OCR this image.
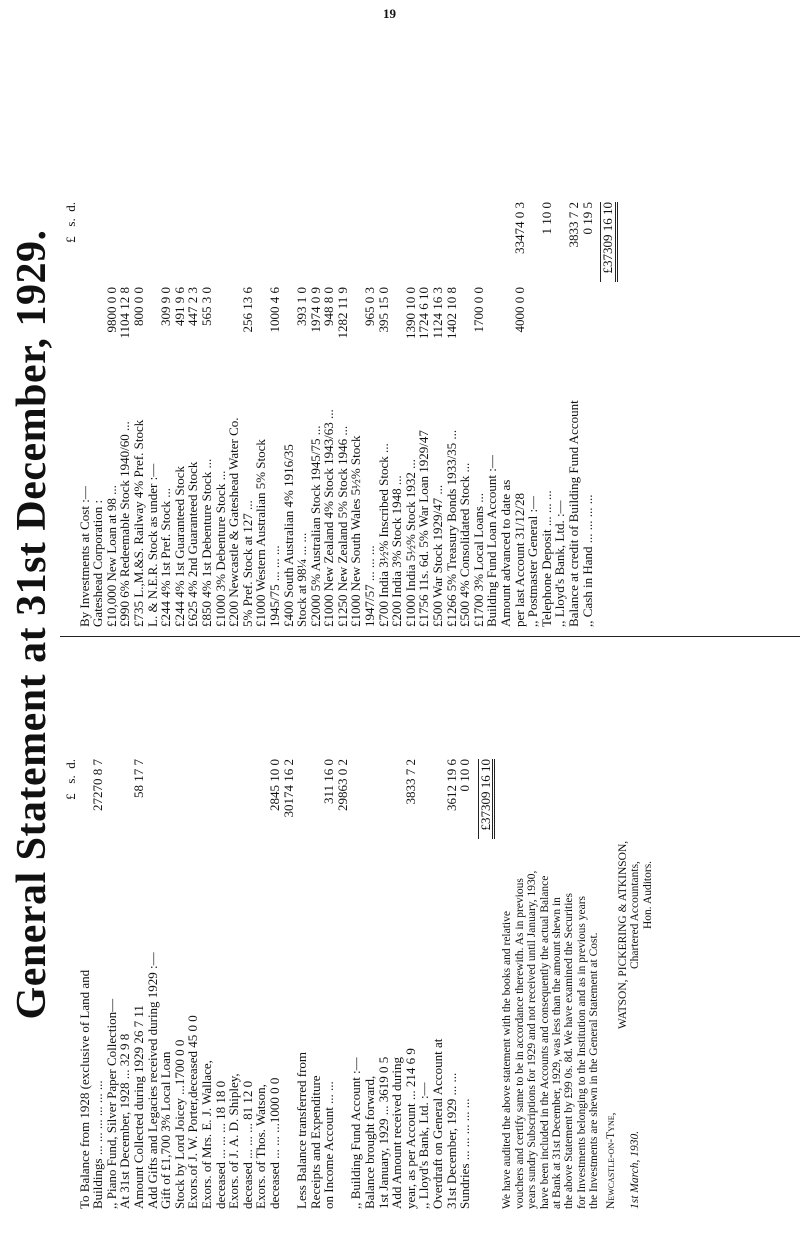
19
General Statement at 31st December, 1929. £   s.  d.
To Balance from 1928 (exclusive of Land and
Buildings ... ... ... ... ... ...
27270 8 7
,, Piano Fund, Silver Paper Collection—
At 31st December, 1928 ... 32 9 8
Amount Collected during 1929 26 7 11
58 17 7
Add Gifts and Legacies received during 1929 :—
Gift of £1,700 3% Local Loan
Stock by Lord Joicey ...1700 0 0
Exors.of J. W. Porter,deceased 45 0 0
Exors. of Mrs. E. J. Wallace,
deceased ... ... ... 18 18 0
Exors. of J. A. D. Shipley,
deceased ... ... ... 81 12 0
Exors. of Thos. Watson,
deceased ... ... ...1000 0 0
2845 10 0
30174 16 2
Less Balance transferred from
Receipts and Expenditure
on Income Account ... ...
311 16 0
29863 0 2
,, Building Fund Account :—
Balance brought forward,
1st January, 1929 ... 3619 0 5
Add Amount received during
year, as per Account ... 214 6 9
3833 7 2
,, Lloyd's Bank, Ltd. :—
Overdraft on General Account at
31st December, 1929 ... ...
3612 19 6
Sundries ... ... ... ... ...
0 10 0 £37309 16 10
We have audited the above statement with the books and relative vouchers and certify same to be in accordance therewith. As in previous years sundry Subscriptions for 1929 and not received until January, 1930, have been included in the Accounts and consequently the actual Balance at Bank at 31st December, 1929, was less than the amount shewn in the above Statement by £99 0s. 8d. We have examined the Securities for Investments belonging to the Institution and as in previous years the Investments are shewn in the General Statement at Cost. Newcastle-on-Tyne,
WATSON, PICKERING & ATKINSON,
1st March, 1930.
Chartered Accountants, Hon. Auditors.
£   s.  d.
By Investments at Cost :—
Gateshead Corporation :
£10,000 New Loan at 98 ...
9800 0 0
£990 6% Redeemable Stock 1940/60 ...
1104 12 8
£735 L.,M.&S. Railway 4% Pref. Stock
800 0 0
L. & N.E.R. Stock as under :—
£244 4% 1st Pref. Stock ...
309 9 0
£244 4% 1st Guaranteed Stock
491 9 6
£625 4% 2nd Guaranteed Stock
447 2 3
£850 4% 1st Debenture Stock ...
565 3 0
£1000 3% Debenture Stock ...
£200 Newcastle & Gateshead Water Co.
5% Pref. Stock at 127 ...
256 13 6
£1000 Western Australian 5% Stock
1945/75 ... ... ...
1000 4 6
£400 South Australian 4% 1916/35
Stock at 98¼ ... ...
393 1 0
£2000 5% Australian Stock 1945/75 ...
1974 0 9
£1000 New Zealand 4% Stock 1943/63 ...
948 8 0
£1250 New Zealand 5% Stock 1946 ...
1282 11 9
£1000 New South Wales 5½% Stock
1947/57 ... ... ...
965 0 3
£700 India 3½% Inscribed Stock ...
395 15 0
£200 India 3% Stock 1948 ...
£1000 India 5½% Stock 1932 ...
1390 10 0
£1756 11s. 6d. 5% War Loan 1929/47
1724 6 10
£500 War Stock 1929/47 ...
1124 16 3
£1266 5% Treasury Bonds 1933/35 ...
1402 10 8
£500 4% Consolidated Stock ...
£1700 3% Local Loans ...
1700 0 0
Building Fund Loan Account :—
Amount advanced to date as
per last Account 31/12/28
4000 0 0
33474 0 3
,, Postmaster General :—
Telephone Deposit ... ... ...
1 10 0
,, Lloyd's Bank, Ltd. :—
Balance at credit of Building Fund Account
3833 7 2
,, Cash in Hand ... ... ... ...
0 19 5 £37309 16 10
